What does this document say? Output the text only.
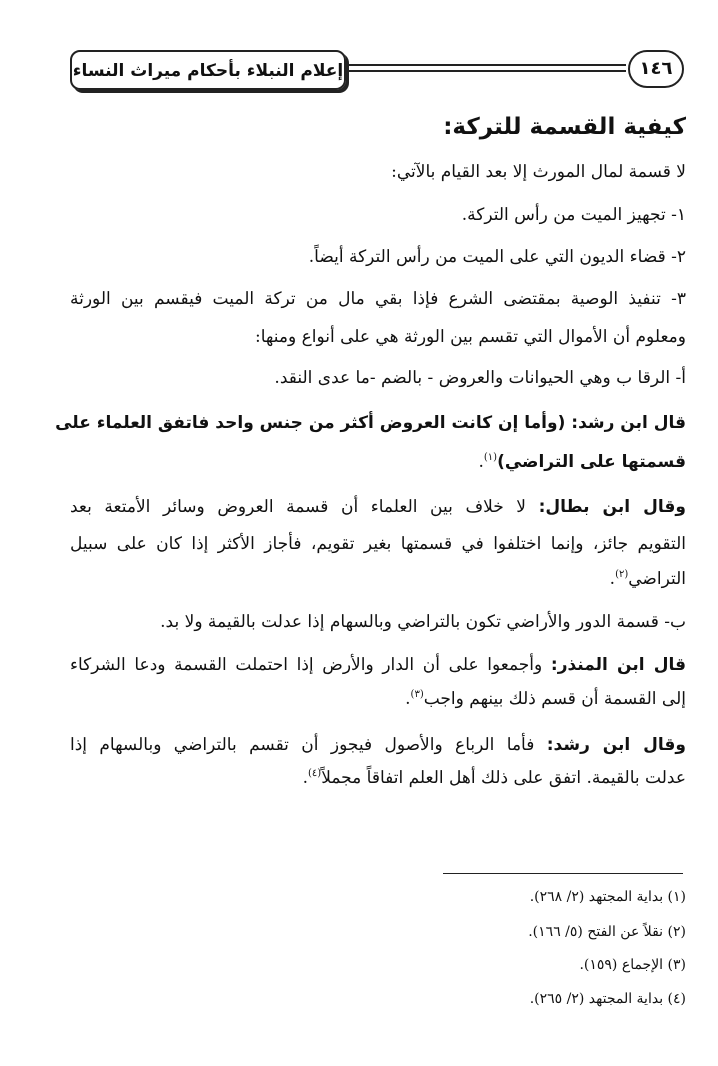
إعلام النبلاء بأحكام ميراث النساء	١٤٦
كيفية القسمة للتركة:
لا قسمة لمال المورث إلا بعد القيام بالآتي:
١- تجهيز الميت من رأس التركة.
٢- قضاء الديون التي على الميت من رأس التركة أيضاً.
٣- تنفيذ الوصية بمقتضى الشرع فإذا بقي مال من تركة الميت فيقسم بين الورثة
ومعلوم أن الأموال التي تقسم بين الورثة هي على أنواع ومنها:
أ- الرقا ب وهي الحيوانات والعروض - بالضم -ما عدى النقد.
قال ابن رشد: (وأما إن كانت العروض أكثر من جنس واحد فاتفق العلماء على
قسمتها على التراضي)$^{(١)}$.
وقال ابن بطال: لا خلاف بين العلماء أن قسمة العروض وسائر الأمتعة بعد
التقويم جائز، وإنما اختلفوا في قسمتها بغير تقويم، فأجاز الأكثر إذا كان على سبيل
التراضي$^{(٢)}$.
ب- قسمة الدور والأراضي تكون بالتراضي وبالسهام إذا عدلت بالقيمة ولا بد.
قال ابن المنذر: وأجمعوا على أن الدار والأرض إذا احتملت القسمة ودعا الشركاء
إلى القسمة أن قسم ذلك بينهم واجب$^{(٣)}$.
وقال ابن رشد: فأما الرباع والأصول فيجوز أن تقسم بالتراضي وبالسهام إذا
عدلت بالقيمة. اتفق على ذلك أهل العلم اتفاقاً مجملاً$^{(٤)}$.
(١) بداية المجتهد (٢/ ٢٦٨).
(٢) نقلاً عن الفتح (٥/ ١٦٦).
(٣) الإجماع (١٥٩).
(٤) بداية المجتهد (٢/ ٢٦٥).
